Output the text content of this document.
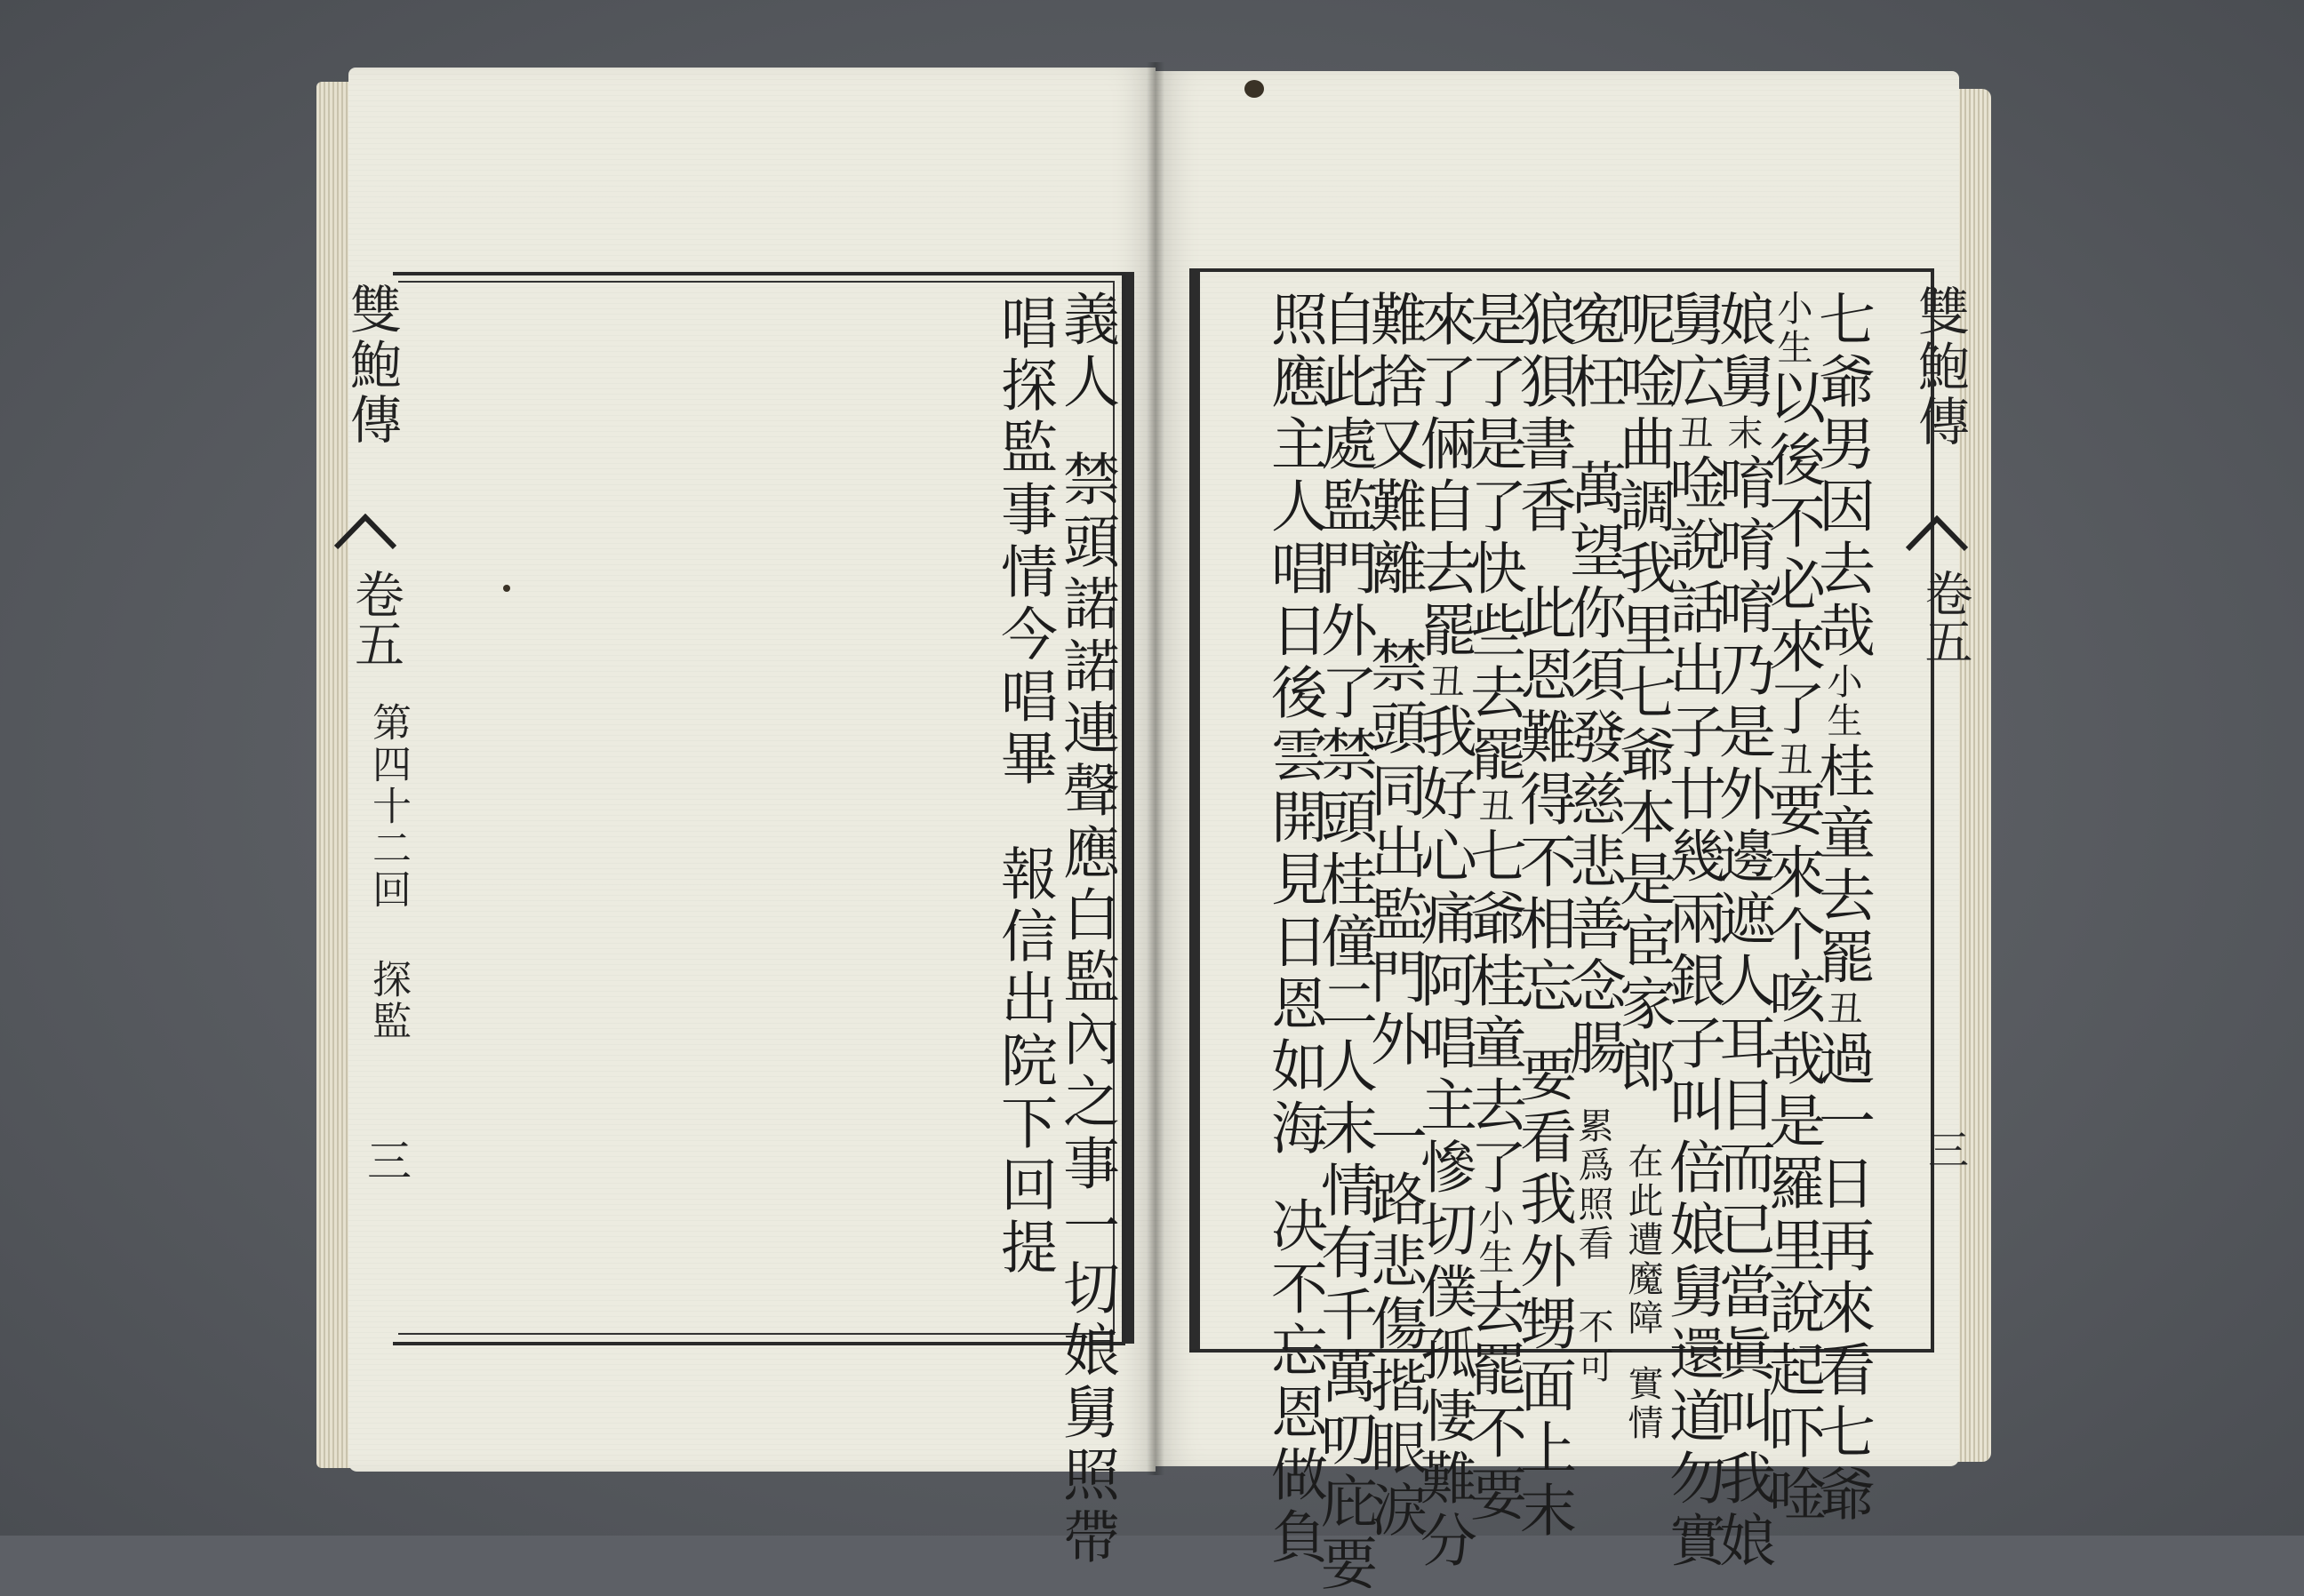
雙鮑傳
卷五
第四十二回 探監
三
義人禁頭諾諾連聲應白監內之事一切娘舅照帶
唱探監事情今唱畢報信出院下回提
七爺男因去哉小生桂童去罷丑過一日再來看七爺
小生以後不必來了丑要來个咳哉是羅里說起吓唫
娘舅末唷唷唷乃是外邊遮人耳目而已當眞叫我娘
舅広丑唫說話出子廿幾兩銀子叫倍娘舅還道勿實
呢唫曲調我里七爺本是宦家郎在此遭魔障實情
寃枉萬望你須發慈悲善念腸累爲照看 不可
狼狽書香此恩難得不相忘要看我外甥面上末
是了是了快些去罷丑七爺桂童去了小生去罷不要
來了倆自去罷丑我好心痛阿唱主慘切僕孤悽難分
難捨又難離禁頭同出監門外一路悲傷揩眼淚
自此處監門外了禁頭桂僮二人末情有千萬叨庇要
照應主人唱日後雲開見日恩如海决不忘恩做負
雙鮑傳
卷五
三
